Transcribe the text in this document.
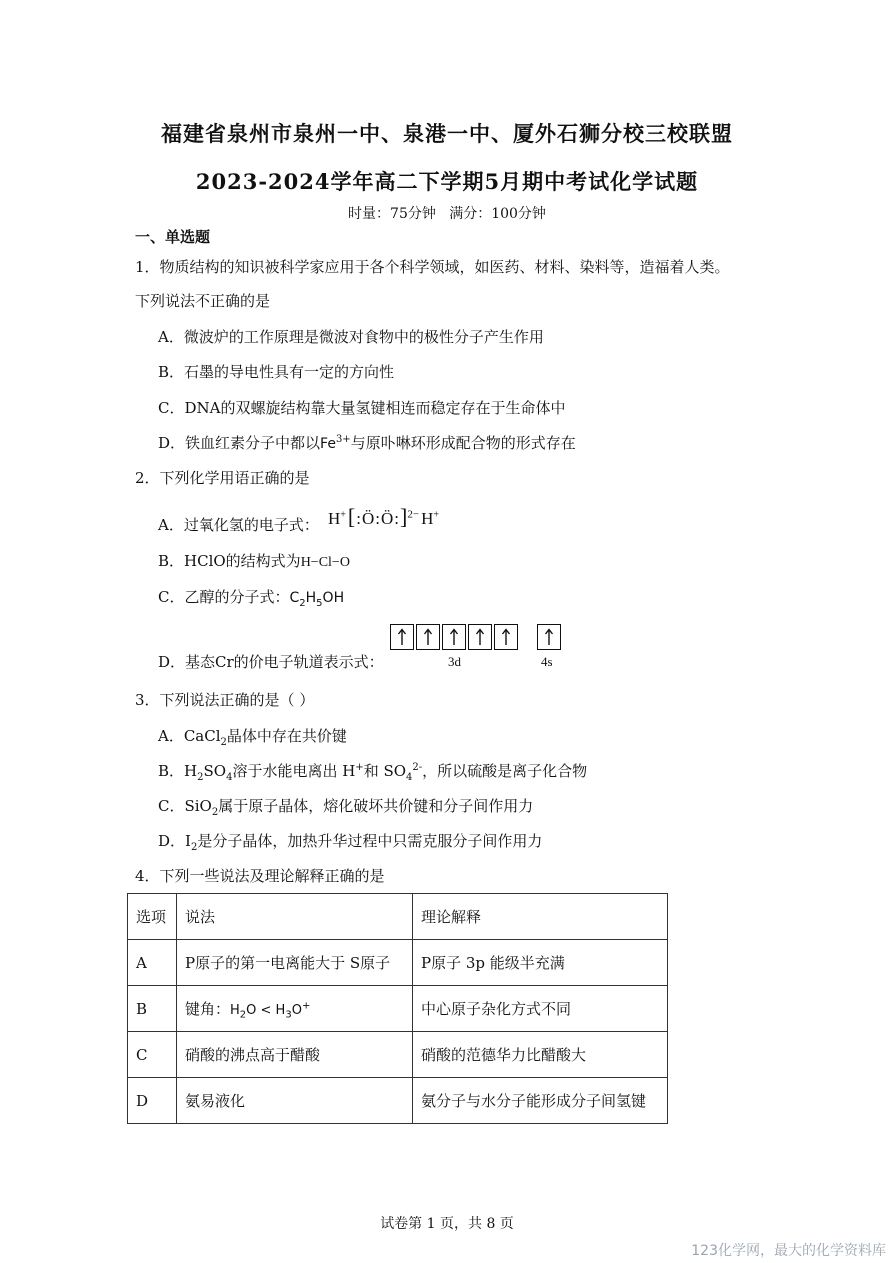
福建省泉州市泉州一中、泉港一中、厦外石狮分校三校联盟
2023-2024学年高二下学期5月期中考试化学试题
时量：75分钟   满分：100分钟
一、单选题
1．物质结构的知识被科学家应用于各个科学领域，如医药、材料、染料等，造福着人类。
下列说法不正确的是
A．微波炉的工作原理是微波对食物中的极性分子产生作用
B．石墨的导电性具有一定的方向性
C．DNA的双螺旋结构靠大量氢键相连而稳定存在于生命体中
D．铁血红素分子中都以$Fe^{3+}$与原卟啉环形成配合物的形式存在
2．下列化学用语正确的是
A．过氧化氢的电子式： H+[:Ö:Ö:]$^{2-}$ H+
B．HClO的结构式为H−Cl−O
C．乙醇的分子式：$C_2H_5OH$
D．基态Cr的价电子轨道表示式：	3d	4s
3．下列说法正确的是（ ）
A．CaCl$_2$晶体中存在共价键
B．$H_2SO_4$溶于水能电离出 H+和 $SO_4^{2-}$，所以硫酸是离子化合物
C．SiO$_2$属于原子晶体，熔化破坏共价键和分子间作用力
D．$I_2$是分子晶体，加热升华过程中只需克服分子间作用力
4．下列一些说法及理论解释正确的是
选项	说法	理论解释
A	P原子的第一电离能大于 S原子	P原子 3p 能级半充满
B	键角：$H_2O < H_3O^+$	中心原子杂化方式不同
C	硝酸的沸点高于醋酸	硝酸的范德华力比醋酸大
D	氨易液化	氨分子与水分子能形成分子间氢键
试卷第 1 页，共 8 页
123化学网，最大的化学资料库
